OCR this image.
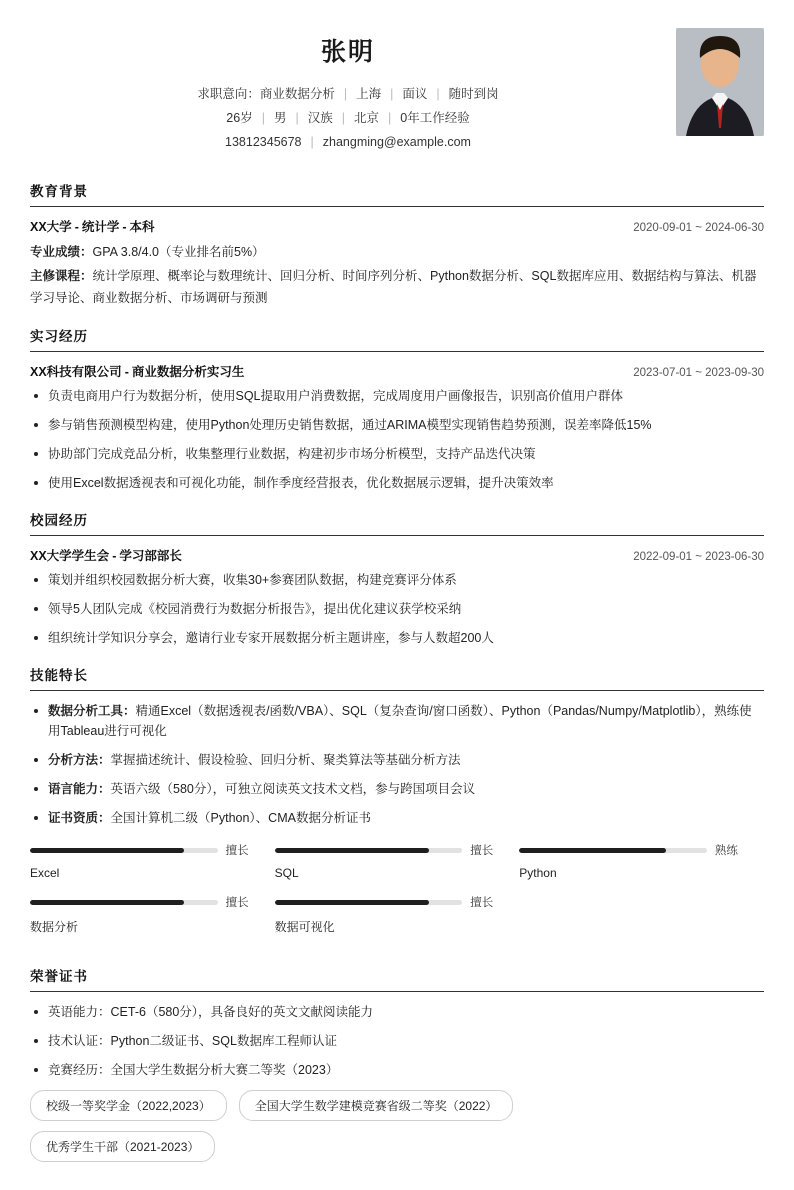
张明
求职意向：商业数据分析 | 上海 | 面议 | 随时到岗
26岁 | 男 | 汉族 | 北京 | 0年工作经验
13812345678 | zhangming@example.com
教育背景
XX大学 - 统计学 - 本科	2020-09-01 ~ 2024-06-30
专业成绩：GPA 3.8/4.0（专业排名前5%）
主修课程：统计学原理、概率论与数理统计、回归分析、时间序列分析、Python数据分析、SQL数据库应用、数据结构与算法、机器学习导论、商业数据分析、市场调研与预测
实习经历
XX科技有限公司 - 商业数据分析实习生	2023-07-01 ~ 2023-09-30
负责电商用户行为数据分析，使用SQL提取用户消费数据，完成周度用户画像报告，识别高价值用户群体
参与销售预测模型构建，使用Python处理历史销售数据，通过ARIMA模型实现销售趋势预测，误差率降低15%
协助部门完成竞品分析，收集整理行业数据，构建初步市场分析模型，支持产品迭代决策
使用Excel数据透视表和可视化功能，制作季度经营报表，优化数据展示逻辑，提升决策效率
校园经历
XX大学学生会 - 学习部部长	2022-09-01 ~ 2023-06-30
策划并组织校园数据分析大赛，收集30+参赛团队数据，构建竞赛评分体系
领导5人团队完成《校园消费行为数据分析报告》，提出优化建议获学校采纳
组织统计学知识分享会，邀请行业专家开展数据分析主题讲座，参与人数超200人
技能特长
数据分析工具：精通Excel（数据透视表/函数/VBA）、SQL（复杂查询/窗口函数）、Python（Pandas/Numpy/Matplotlib），熟练使用Tableau进行可视化
分析方法：掌握描述统计、假设检验、回归分析、聚类算法等基础分析方法
语言能力：英语六级（580分），可独立阅读英文技术文档，参与跨国项目会议
证书资质：全国计算机二级（Python）、CMA数据分析证书
擅长
Excel
擅长
SQL
熟练
Python
擅长
数据分析
擅长
数据可视化
荣誉证书
英语能力：CET-6（580分），具备良好的英文文献阅读能力
技术认证：Python二级证书、SQL数据库工程师认证
竞赛经历：全国大学生数据分析大赛二等奖（2023）
校级一等奖学金（2022,2023）	全国大学生数学建模竞赛省级二等奖（2022）
优秀学生干部（2021-2023）
